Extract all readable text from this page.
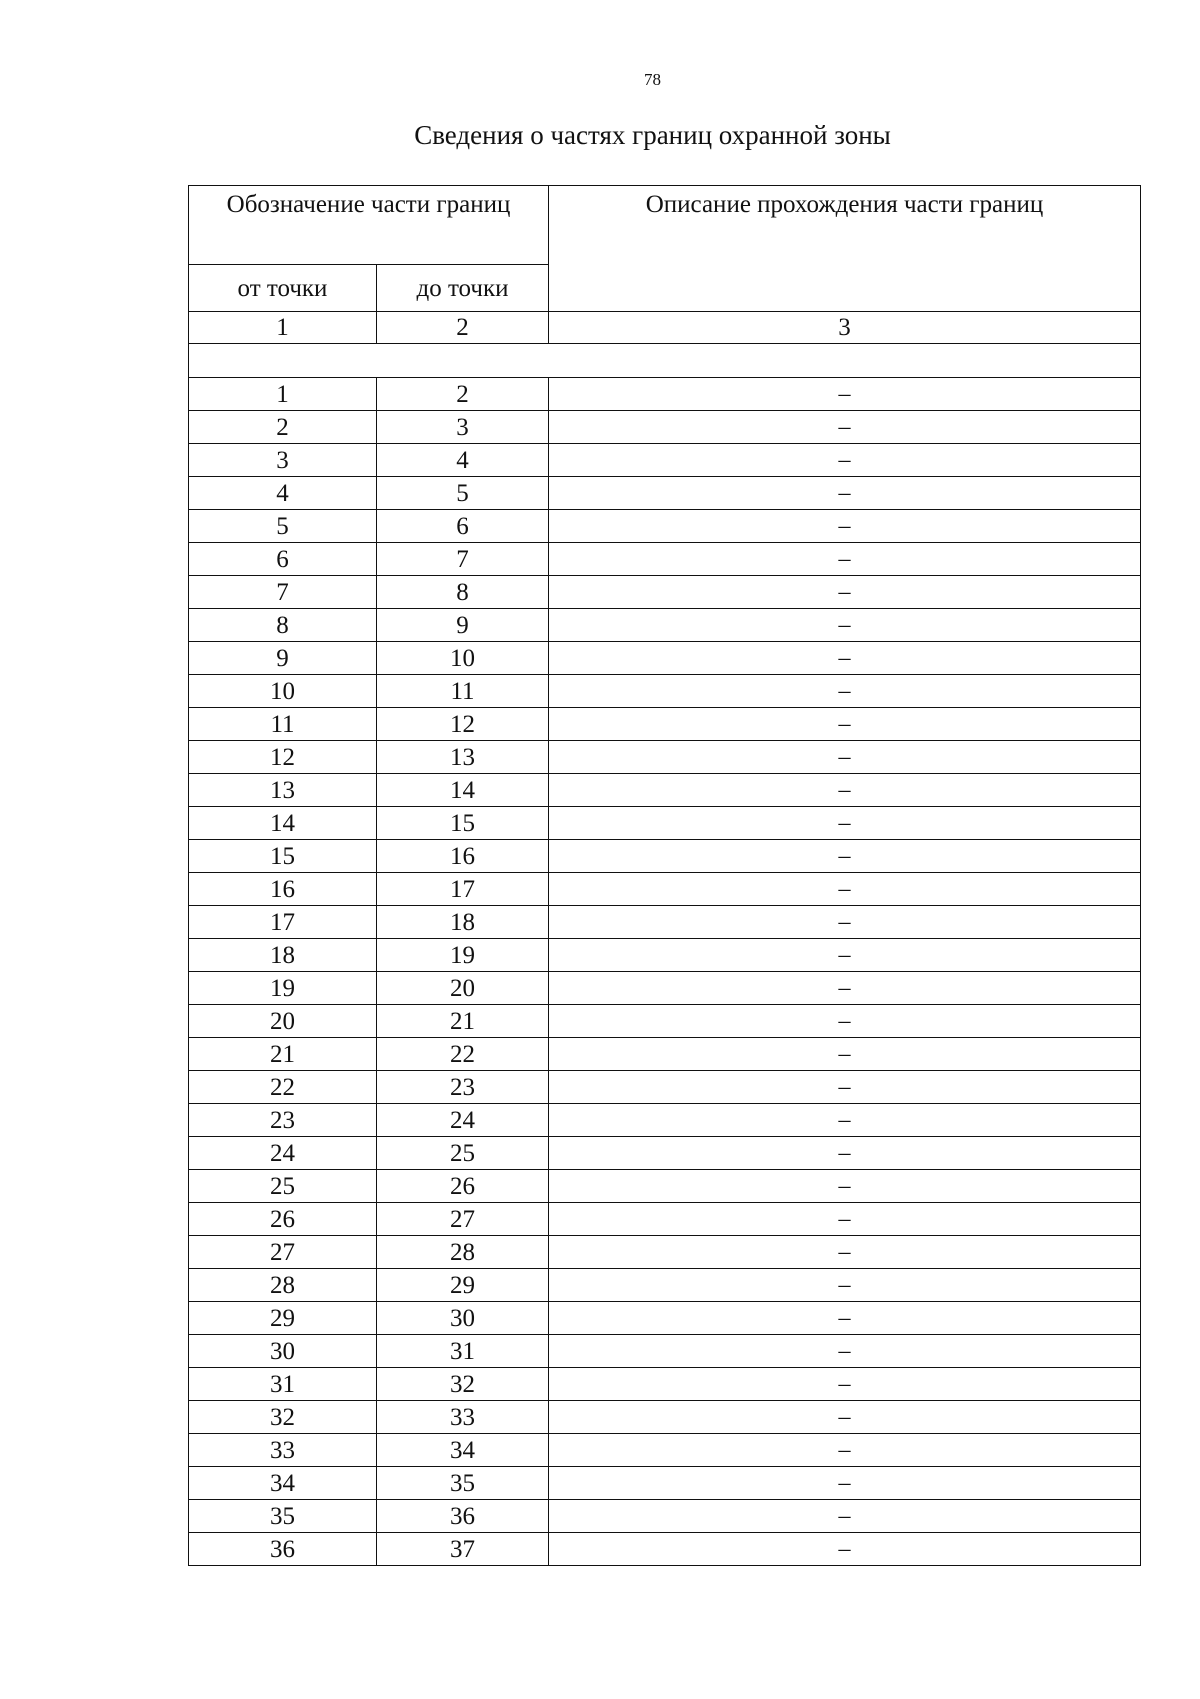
78
Сведения о частях границ охранной зоны
Обозначение части границ		Описание прохождения части границ
от точки	до точки	
1	2	3

1	2	–
2	3	–
3	4	–
4	5	–
5	6	–
6	7	–
7	8	–
8	9	–
9	10	–
10	11	–
11	12	–
12	13	–
13	14	–
14	15	–
15	16	–
16	17	–
17	18	–
18	19	–
19	20	–
20	21	–
21	22	–
22	23	–
23	24	–
24	25	–
25	26	–
26	27	–
27	28	–
28	29	–
29	30	–
30	31	–
31	32	–
32	33	–
33	34	–
34	35	–
35	36	–
36	37	–
